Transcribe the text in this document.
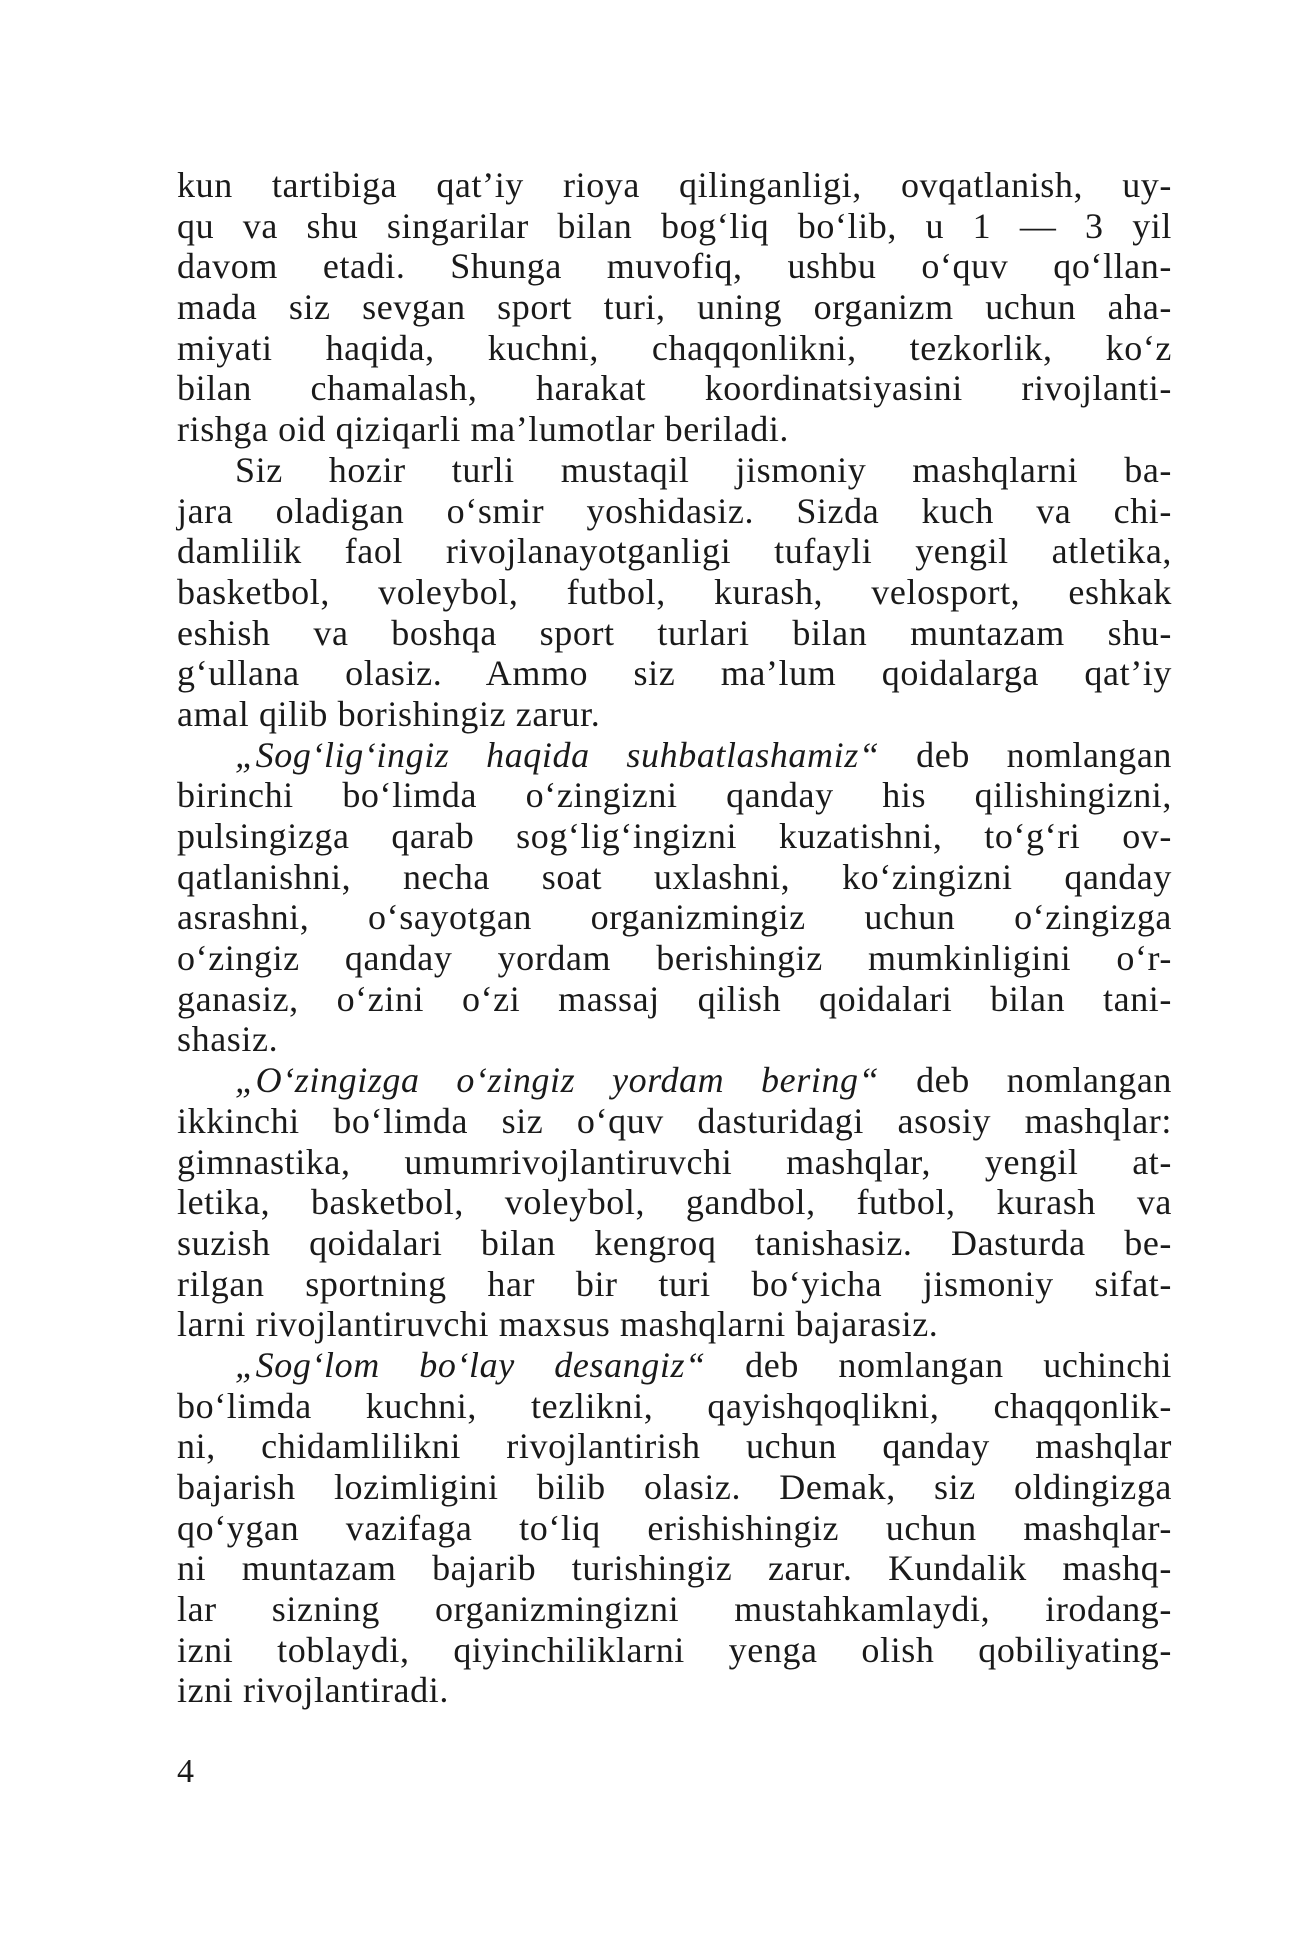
kun tartibiga qat’iy rioya qilinganligi, ovqatlanish, uy-
qu va shu singarilar bilan bog‘liq bo‘lib, u 1 — 3 yil
davom etadi. Shunga muvofiq, ushbu o‘quv qo‘llan-
mada siz sevgan sport turi, uning organizm uchun aha-
miyati haqida, kuchni, chaqqonlikni, tezkorlik, ko‘z
bilan chamalash, harakat koordinatsiyasini rivojlanti-
rishga oid qiziqarli ma’lumotlar beriladi.
Siz hozir turli mustaqil jismoniy mashqlarni ba-
jara oladigan o‘smir yoshidasiz. Sizda kuch va chi-
damlilik faol rivojlanayotganligi tufayli yengil atletika,
basketbol, voleybol, futbol, kurash, velosport, eshkak
eshish va boshqa sport turlari bilan muntazam shu-
g‘ullana olasiz. Ammo siz ma’lum qoidalarga qat’iy
amal qilib borishingiz zarur.
„Sog‘lig‘ingiz haqida suhbatlashamiz“ deb nomlangan
birinchi bo‘limda o‘zingizni qanday his qilishingizni,
pulsingizga qarab sog‘lig‘ingizni kuzatishni, to‘g‘ri ov-
qatlanishni, necha soat uxlashni, ko‘zingizni qanday
asrashni, o‘sayotgan organizmingiz uchun o‘zingizga
o‘zingiz qanday yordam berishingiz mumkinligini o‘r-
ganasiz, o‘zini o‘zi massaj qilish qoidalari bilan tani-
shasiz.
„O‘zingizga o‘zingiz yordam bering“ deb nomlangan
ikkinchi bo‘limda siz o‘quv dasturidagi asosiy mashqlar:
gimnastika, umumrivojlantiruvchi mashqlar, yengil at-
letika, basketbol, voleybol, gandbol, futbol, kurash va
suzish qoidalari bilan kengroq tanishasiz. Dasturda be-
rilgan sportning har bir turi bo‘yicha jismoniy sifat-
larni rivojlantiruvchi maxsus mashqlarni bajarasiz.
„Sog‘lom bo‘lay desangiz“ deb nomlangan uchinchi
bo‘limda kuchni, tezlikni, qayishqoqlikni, chaqqonlik-
ni, chidamlilikni rivojlantirish uchun qanday mashqlar
bajarish lozimligini bilib olasiz. Demak, siz oldingizga
qo‘ygan vazifaga to‘liq erishishingiz uchun mashqlar-
ni muntazam bajarib turishingiz zarur. Kundalik mashq-
lar sizning organizmingizni mustahkamlaydi, irodang-
izni toblaydi, qiyinchiliklarni yenga olish qobiliyating-
izni rivojlantiradi.
4
